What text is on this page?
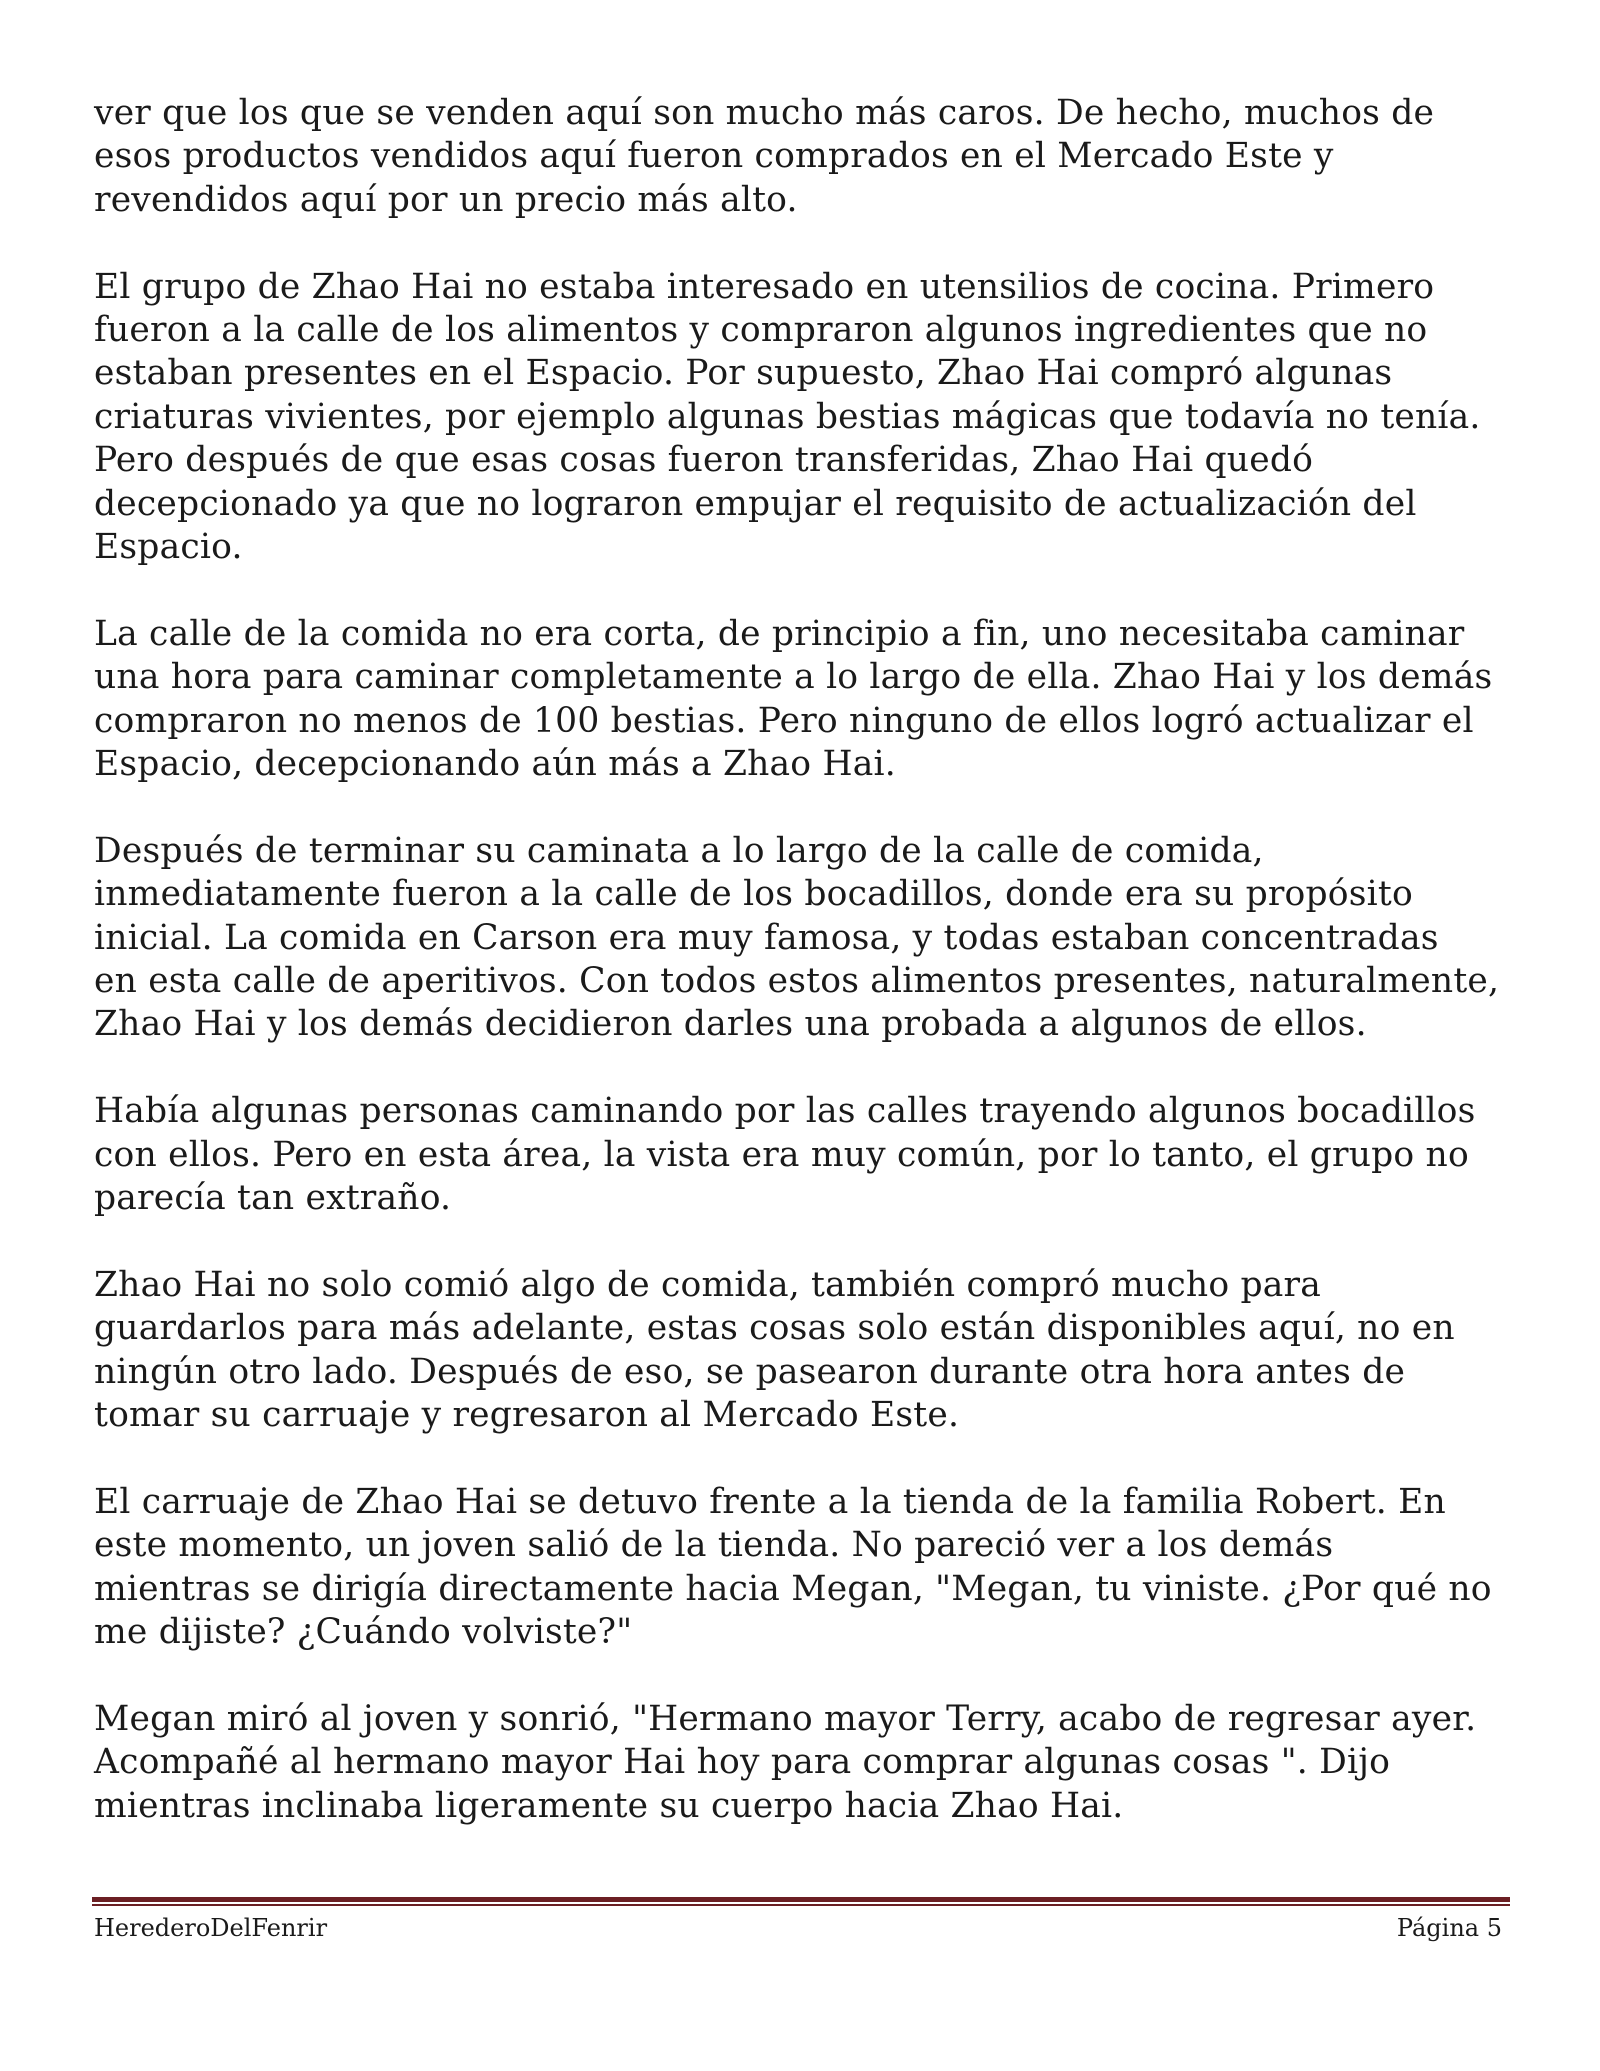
ver que los que se venden aquí son mucho más caros. De hecho, muchos de
esos productos vendidos aquí fueron comprados en el Mercado Este y
revendidos aquí por un precio más alto.

El grupo de Zhao Hai no estaba interesado en utensilios de cocina. Primero
fueron a la calle de los alimentos y compraron algunos ingredientes que no
estaban presentes en el Espacio. Por supuesto, Zhao Hai compró algunas
criaturas vivientes, por ejemplo algunas bestias mágicas que todavía no tenía.
Pero después de que esas cosas fueron transferidas, Zhao Hai quedó
decepcionado ya que no lograron empujar el requisito de actualización del
Espacio.

La calle de la comida no era corta, de principio a fin, uno necesitaba caminar
una hora para caminar completamente a lo largo de ella. Zhao Hai y los demás
compraron no menos de 100 bestias. Pero ninguno de ellos logró actualizar el
Espacio, decepcionando aún más a Zhao Hai.

Después de terminar su caminata a lo largo de la calle de comida,
inmediatamente fueron a la calle de los bocadillos, donde era su propósito
inicial. La comida en Carson era muy famosa, y todas estaban concentradas
en esta calle de aperitivos. Con todos estos alimentos presentes, naturalmente,
Zhao Hai y los demás decidieron darles una probada a algunos de ellos.

Había algunas personas caminando por las calles trayendo algunos bocadillos
con ellos. Pero en esta área, la vista era muy común, por lo tanto, el grupo no
parecía tan extraño.

Zhao Hai no solo comió algo de comida, también compró mucho para
guardarlos para más adelante, estas cosas solo están disponibles aquí, no en
ningún otro lado. Después de eso, se pasearon durante otra hora antes de
tomar su carruaje y regresaron al Mercado Este.

El carruaje de Zhao Hai se detuvo frente a la tienda de la familia Robert. En
este momento, un joven salió de la tienda. No pareció ver a los demás
mientras se dirigía directamente hacia Megan, "Megan, tu viniste. ¿Por qué no
me dijiste? ¿Cuándo volviste?"

Megan miró al joven y sonrió, "Hermano mayor Terry, acabo de regresar ayer.
Acompañé al hermano mayor Hai hoy para comprar algunas cosas ". Dijo
mientras inclinaba ligeramente su cuerpo hacia Zhao Hai.

HerederoDelFenrir	Página 5
